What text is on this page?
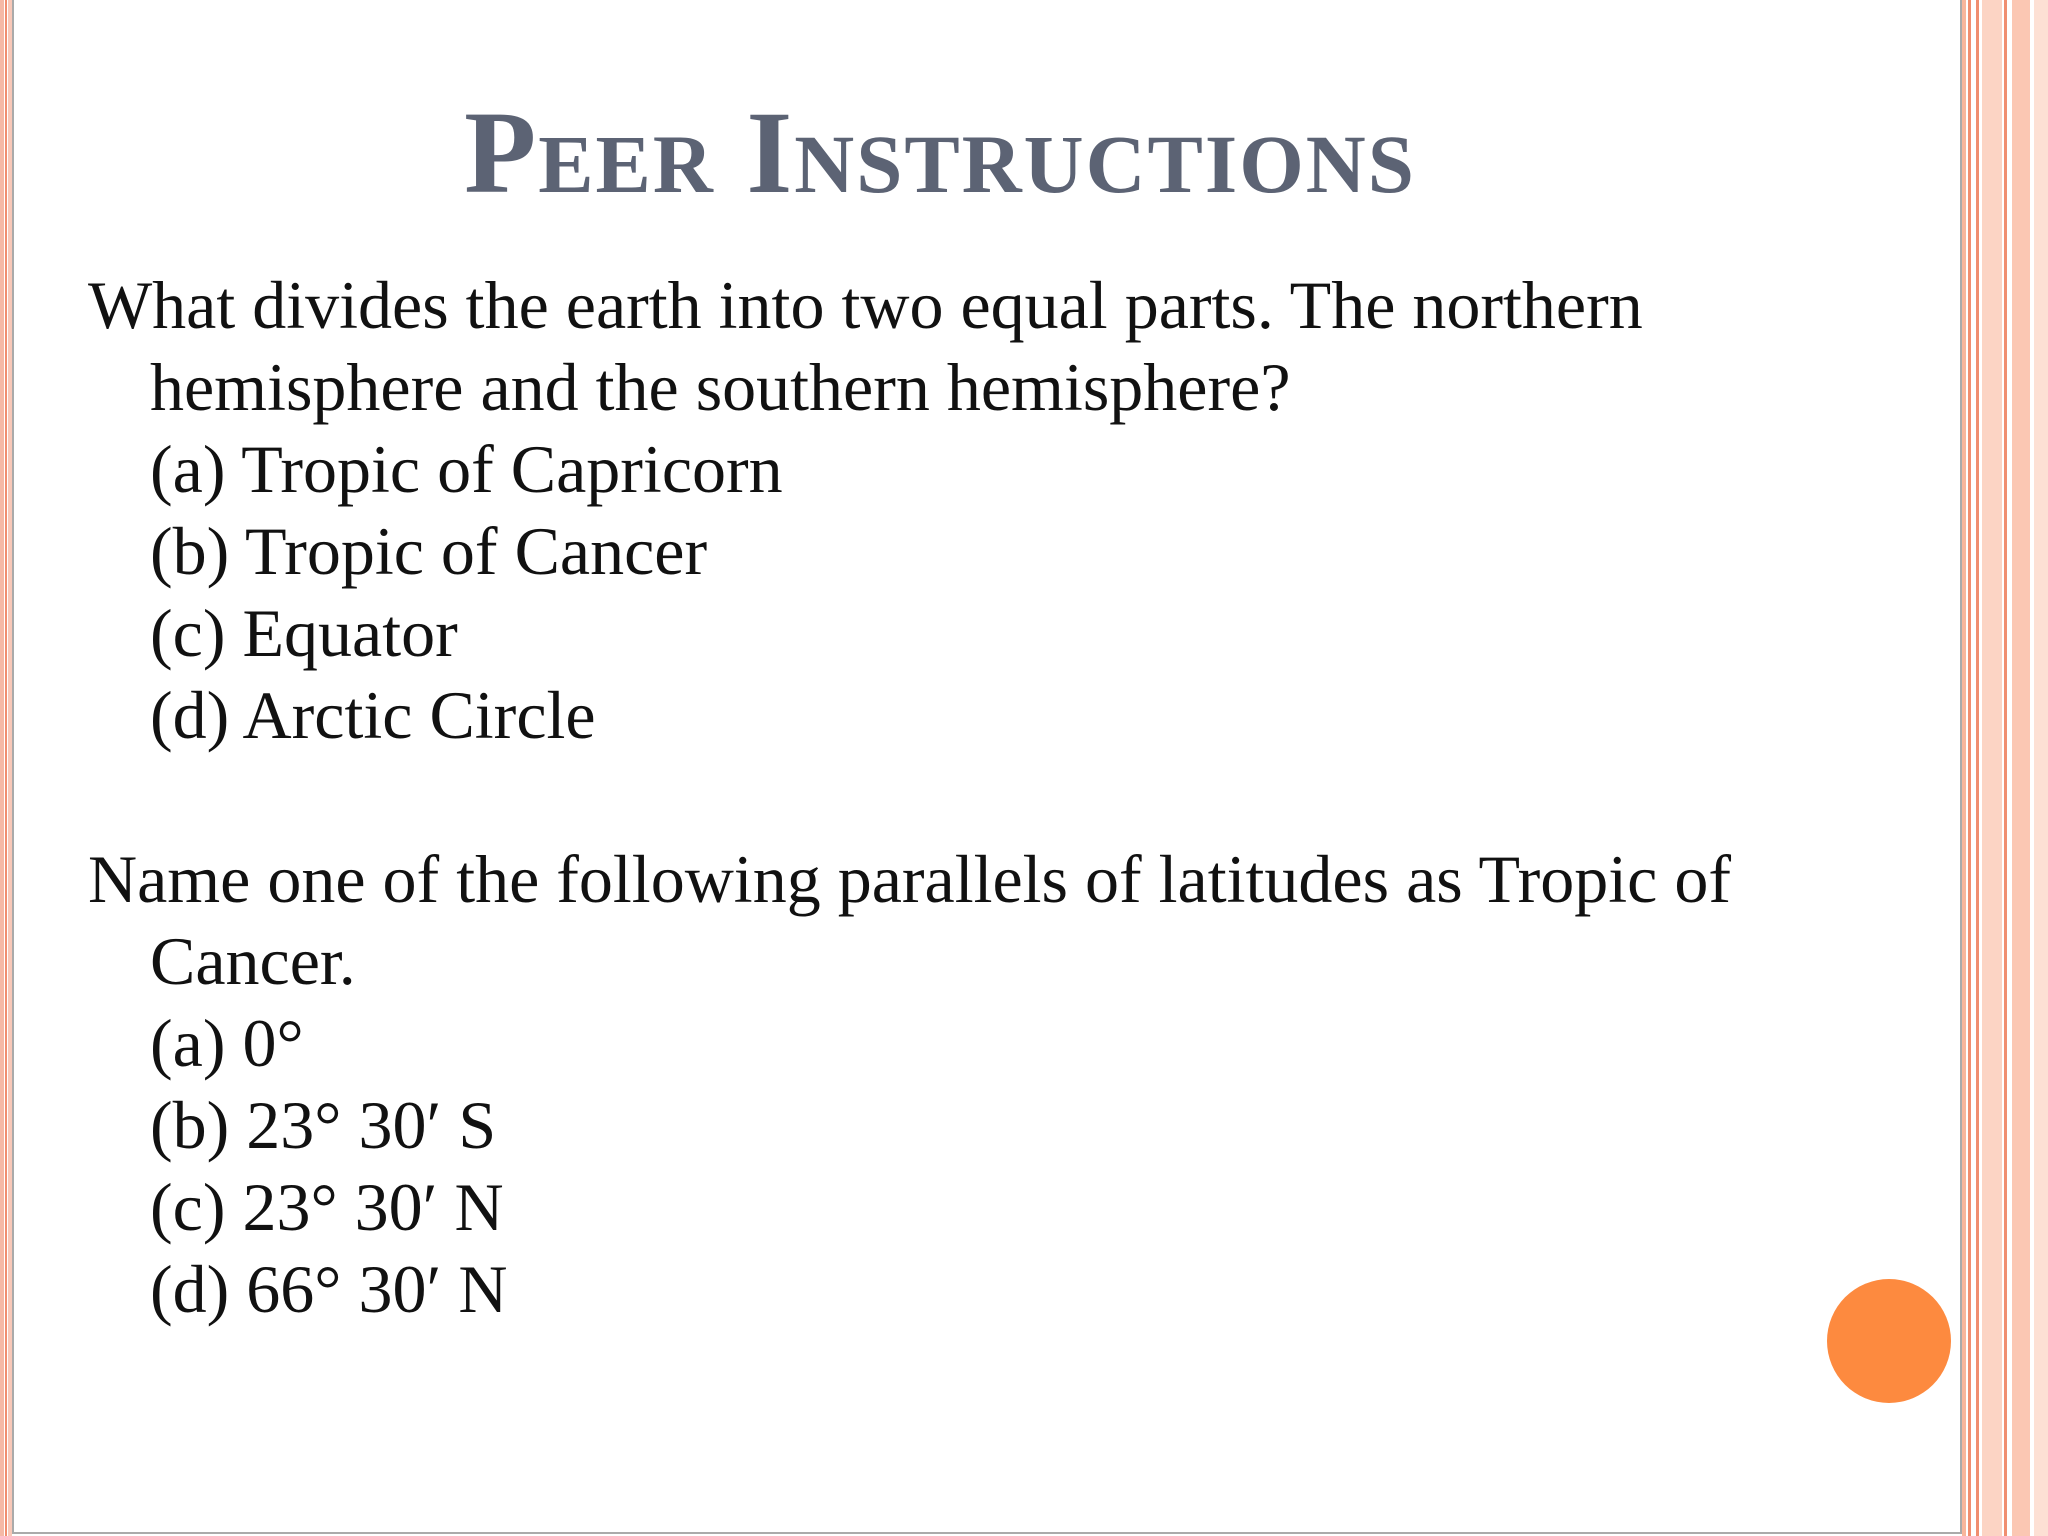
Peer Instructions

What divides the earth into two equal parts. The northern hemisphere and the southern hemisphere?

(a) Tropic of Capricorn
(b) Tropic of Cancer
(c) Equator
(d) Arctic Circle

Name one of the following parallels of latitudes as Tropic of Cancer.

(a) 0°
(b) 23° 30′ S
(c) 23° 30′ N
(d) 66° 30′ N
